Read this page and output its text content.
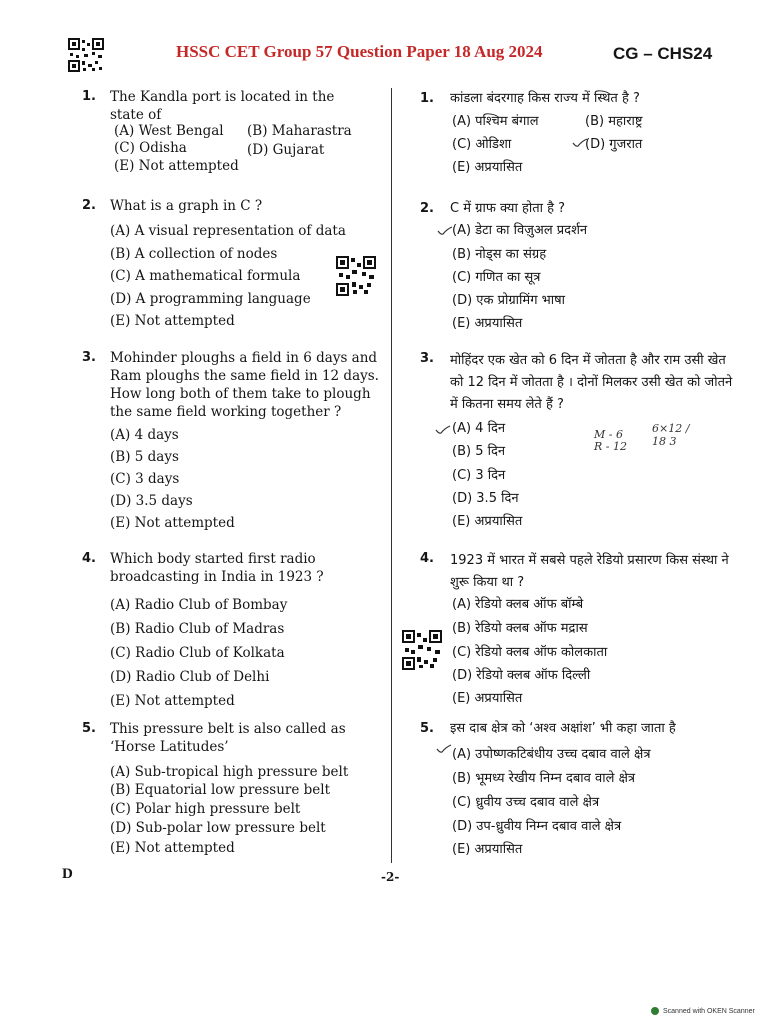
HSSC CET Group 57 Question Paper 18 Aug 2024	CG – CHS24
1. The Kandla port is located in the state of
(A) West Bengal (B) Maharastra
(C) Odisha	(D) Gujarat
(E) Not attempted
2. What is a graph in C ?
(A) A visual representation of data
(B) A collection of nodes
(C) A mathematical formula
(D) A programming language
(E) Not attempted
3. Mohinder ploughs a field in 6 days and Ram ploughs the same field in 12 days. How long both of them take to plough the same field working together ?
(A) 4 days
(B) 5 days
(C) 3 days
(D) 3.5 days
(E) Not attempted
4. Which body started first radio broadcasting in India in 1923 ?
(A) Radio Club of Bombay
(B) Radio Club of Madras
(C) Radio Club of Kolkata
(D) Radio Club of Delhi
(E) Not attempted
5. This pressure belt is also called as ‘Horse Latitudes’
(A) Sub-tropical high pressure belt
(B) Equatorial low pressure belt
(C) Polar high pressure belt
(D) Sub-polar low pressure belt
(E) Not attempted
1. कांडला बंदरगाह किस राज्य में स्थित है ?
(A) पश्चिम बंगाल	(B) महाराष्ट्र
(C) ओडिशा	(D) गुजरात
(E) अप्रयासित
2. C में ग्राफ क्या होता है ?
(A) डेटा का विज़ुअल प्रदर्शन
(B) नोड्स का संग्रह
(C) गणित का सूत्र
(D) एक प्रोग्रामिंग भाषा
(E) अप्रयासित
3. मोहिंदर एक खेत को 6 दिन में जोतता है और राम उसी खेत को 12 दिन में जोतता है । दोनों मिलकर उसी खेत को जोतने में कितना समय लेते हैं ?
(A) 4 दिन
(B) 5 दिन
(C) 3 दिन
(D) 3.5 दिन
(E) अप्रयासित
M - 6
R - 12
6×12 / 18 3
4. 1923 में भारत में सबसे पहले रेडियो प्रसारण किस संस्था ने शुरू किया था ?
(A) रेडियो क्लब ऑफ बॉम्बे
(B) रेडियो क्लब ऑफ मद्रास
(C) रेडियो क्लब ऑफ कोलकाता
(D) रेडियो क्लब ऑफ दिल्ली
(E) अप्रयासित
5. इस दाब क्षेत्र को ‘अश्व अक्षांश’ भी कहा जाता है
(A) उपोष्णकटिबंधीय उच्च दबाव वाले क्षेत्र
(B) भूमध्य रेखीय निम्न दबाव वाले क्षेत्र
(C) ध्रुवीय उच्च दबाव वाले क्षेत्र
(D) उप-ध्रुवीय निम्न दबाव वाले क्षेत्र
(E) अप्रयासित
D	-2-
Scanned with OKEN Scanner
